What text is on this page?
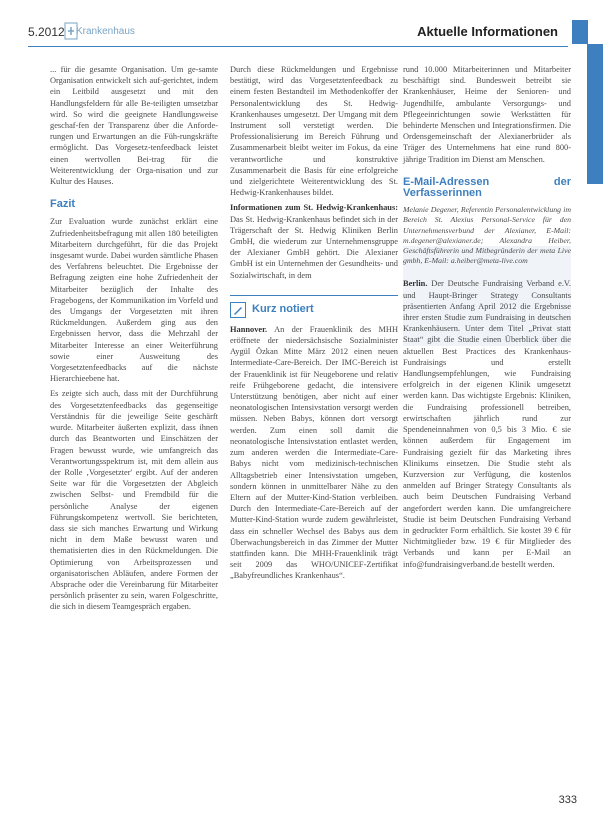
5.2012 Krankenhaus	Aktuelle Informationen

... für die gesamte Organisation. Um ge-samte Organisation entwickelt sich auf-gerichtet, indem ein Leitbild ausgesetzt und mit den Handlungsfeldern für alle Be-teiligten umsetzbar wird. So wird die geeignete Handlungsweise geschaf-fen der Transparenz über die Anforde-rungen und Erwartungen an die Füh-rungskräfte ermöglicht. Das Vorgesetz-tenfeedback leistet einen wertvollen Bei-trag für die Weiterentwicklung der Orga-nisation und zur Kultur des Hauses.

Fazit

Zur Evaluation wurde zunächst erklärt eine Zufriedenheitsbefragung mit allen 180 beteiligten Mitarbeitern durchgeführt, für die das Projekt insgesamt wurde. Dabei wurden sämtliche Phasen des Verfahrens beleuchtet. Die Ergebnisse der Befragung zeigten eine hohe Zufriedenheit der Mitarbeiter bezüglich der Inhalte des Fragebogens, der Kommunikation im Vorfeld und des Umgangs der Vorgesetzten mit ihren Rückmeldungen. Außerdem ging aus den Ergebnissen hervor, dass die Mehrzahl der Mitarbeiter Interesse an einer Weiterführung sowie einer Ausweitung des Vorgesetztenfeedbacks auf die nächste Hierarchieebene hat.

Es zeigte sich auch, dass mit der Durchführung des Vorgesetztenfeedbacks das gegenseitige Verständnis für die jeweilige Seite geschärft wurde. Mitarbeiter äußerten explizit, dass ihnen durch das Beantworten und Einschätzen der Fragen bewusst wurde, wie umfangreich das Verantwortungsspektrum ist, mit dem allein aus der Rolle ‚Vorgesetzter' ergibt. Auf der anderen Seite war für die Vorgesetzten der Abgleich zwischen Selbst- und Fremdbild für die persönliche Analyse der eigenen Führungskompetenz wertvoll. Sie berichteten, dass sie sich manches Erwartung und Wirkung nicht in dem Maße bewusst waren und thematisierten dies in den Rückmeldungen. Die Optimierung von Arbeitsprozessen und organisatorischen Abläufen, andere Formen der Absprache oder die Vereinbarung für Mitarbeiter persönlich präsenter zu sein, waren Folgeschritte, die sich in diesem Teamgespräch ergaben.

Durch diese Rückmeldungen und Ergebnisse bestätigt, wird das Vorgesetztenfeedback zu einem festen Bestandteil im Methodenkoffer der Personalentwicklung des St. Hedwig-Krankenhauses umgesetzt. Der Umgang mit dem Instrument soll verstetigt werden. Die Professionalisierung im Bereich Führung und Zusammenarbeit bleibt weiter im Fokus, da eine verantwortliche und konstruktive Zusammenarbeit die Basis für eine erfolgreiche und zielgerichtete Weiterentwicklung des St. Hedwig-Krankenhauses bildet.

Informationen zum St. Hedwig-Krankenhaus: Das St. Hedwig-Krankenhaus befindet sich in der Trägerschaft der St. Hedwig Kliniken Berlin GmbH, die wiederum zur Unternehmensgruppe der Alexianer GmbH gehört. Die Alexianer GmbH ist ein Unternehmen der Gesundheits- und Sozialwirtschaft, in dem

Kurz notiert

Hannover. An der Frauenklinik des MHH eröffnete der niedersächsische Sozialminister Aygül Özkan Mitte März 2012 einen neuen Intermediate-Care-Bereich. Der IMC-Bereich ist der Frauenklinik ist für Neugeborene und relativ reife Frühgeborene gedacht, die intensivere Unterstützung benötigen, aber nicht auf einer neonatologischen Intensivstation versorgt werden müssen. Neben Babys, können dort versorgt werden. Zum einen soll damit die neonatologische Intensivstation entlastet werden, zum anderen werden die Intermediate-Care-Babys nicht vom medizinisch-technischen Alltagsbetrieb einer Intensivstation umgeben, sondern können in unmittelbarer Nähe zu den Eltern auf der Mutter-Kind-Station verbleiben. Durch den Intermediate-Care-Bereich auf der Mutter-Kind-Station wurde zudem gewährleistet, dass ein schneller Wechsel des Babys aus dem Überwachungsbereich in das Zimmer der Mutter stattfinden kann. Die MHH-Frauenklinik trägt seit 2009 das WHO/UNICEF-Zertifikat „Babyfreundliches Krankenhaus“.

rund 10.000 Mitarbeiterinnen und Mitarbeiter beschäftigt sind. Bundesweit betreibt sie Krankenhäuser, Heime der Senioren- und Jugendhilfe, ambulante Versorgungs- und Pflegeeinrichtungen sowie Werkstätten für behinderte Menschen und Integrationsfirmen. Die Ordensgemeinschaft der Alexianerbrüder als Träger des Unternehmens hat eine rund 800-jährige Tradition im Dienst am Menschen.

E-Mail-Adressen der Verfasserinnen

Melanie Degener, Referentin Personalentwicklung im Bereich St. Alexius Personal-Service für den Unternehmensverbund der Alexianer, E-Mail: m.degener@alexianer.de; Alexandra Heiber, Geschäftsführerin und Mitbegründerin der meta Live gmbh, E-Mail: a.heiber@meta-live.com

Berlin. Der Deutsche Fundraising Verband e.V. und Haupt-Bringer Strategy Consultants präsentierten Anfang April 2012 die Ergebnisse ihrer ersten Studie zum Fundraising in deutschen Krankenhäusern. Unter dem Titel „Privat statt Staat“ gibt die Studie einen Überblick über die aktuellen Best Practices des Krankenhaus-Fundraisings und erstellt Handlungsempfehlungen, wie Fundraising erfolgreich in der eigenen Klinik umgesetzt werden kann. Das wichtigste Ergebnis: Kliniken, die Fundraising professionell betreiben, erwirtschaften jährlich rund zur Spendeneinnahmen von 0,5 bis 3 Mio. € sie können außerdem für Engagement im Fundraising gezielt für das Marketing ihres Klinikums einsetzen. Die Studie steht als Kurzversion zur Verfügung, die kostenlos anmelden auf Bringer Strategy Consultants als auch beim Deutschen Fundraising Verband angefordert werden kann. Die umfangreichere Studie ist beim Deutschen Fundraising Verband in gedruckter Form erhältlich. Sie kostet 39 € für Nichtmitglieder bzw. 19 € für Mitglieder des Verbands und kann per E-Mail an info@fundraisingverband.de bestellt werden.

333
